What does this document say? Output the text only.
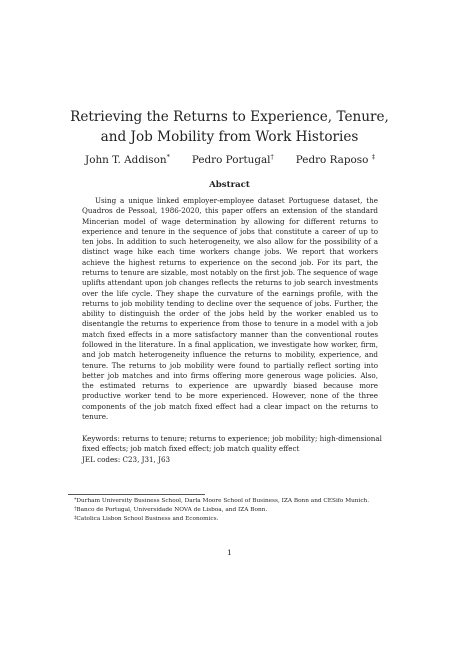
Retrieving the Returns to Experience, Tenure, and Job Mobility from Work Histories
John T. Addison* Pedro Portugal† Pedro Raposo ‡
Abstract

Using a unique linked employer-employee dataset Portuguese dataset, the Quadros de Pessoal, 1986-2020, this paper offers an extension of the standard Mincerian model of wage determination by allowing for different returns to experience and tenure in the sequence of jobs that constitute a career of up to ten jobs. In addition to such heterogeneity, we also allow for the possibility of a distinct wage hike each time workers change jobs. We report that workers achieve the highest returns to experience on the second job. For its part, the returns to tenure are sizable, most notably on the first job. The sequence of wage uplifts attendant upon job changes reflects the returns to job search investments over the life cycle. They shape the curvature of the earnings profile, with the returns to job mobility tending to decline over the sequence of jobs. Further, the ability to distinguish the order of the jobs held by the worker enabled us to disentangle the returns to experience from those to tenure in a model with a job match fixed effects in a more satisfactory manner than the conventional routes followed in the literature. In a final application, we investigate how worker, firm, and job match heterogeneity influence the returns to mobility, experience, and tenure. The returns to job mobility were found to partially reflect sorting into better job matches and into firms offering more generous wage policies. Also, the estimated returns to experience are upwardly biased because more productive worker tend to be more experienced. However, none of the three components of the job match fixed effect had a clear impact on the returns to tenure.

Keywords: returns to tenure; returns to experience; job mobility; high-dimensional fixed effects; job match fixed effect; job match quality effect

JEL codes: C23, J31, J63

*Durham University Business School, Darla Moore School of Business, IZA Bonn and CESifo Munich.

†Banco de Portugal, Universidade NOVA de Lisboa, and IZA Bonn.

‡Catolica Lisbon School Business and Economics.

1
